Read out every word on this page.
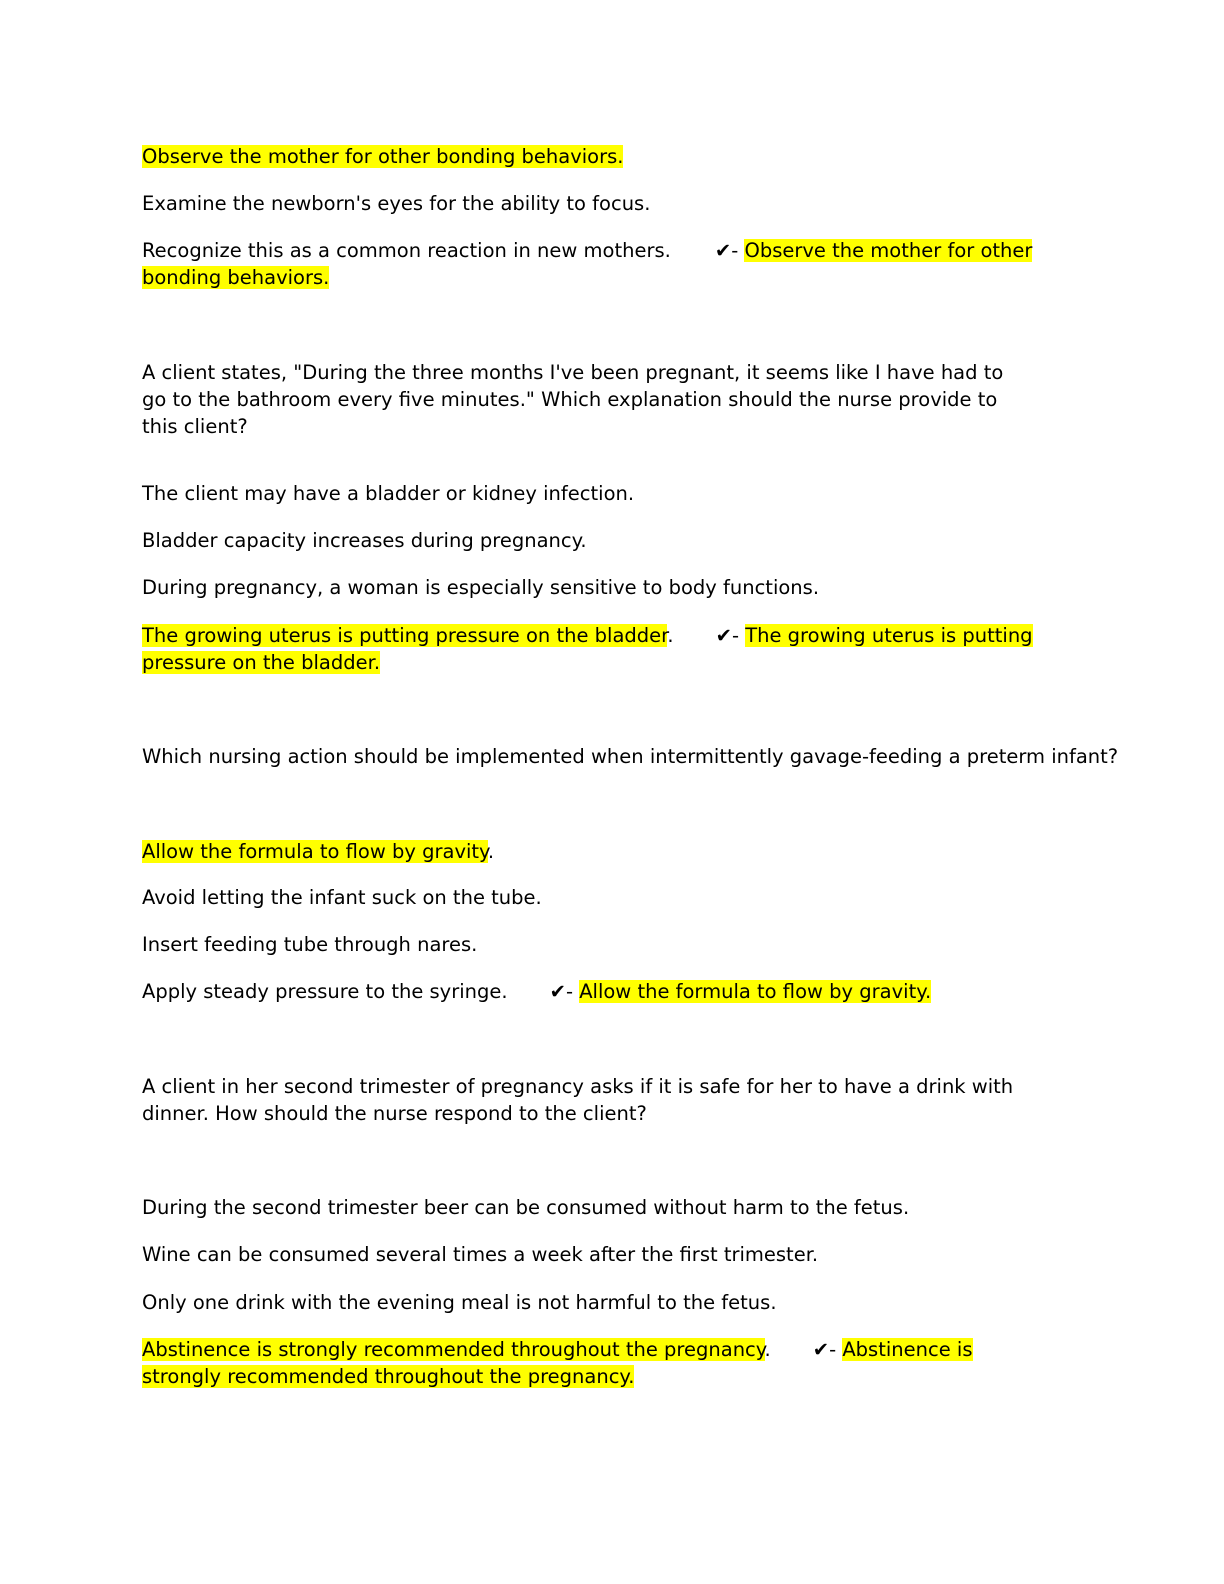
Observe the mother for other bonding behaviors.

Examine the newborn's eyes for the ability to focus.

Recognize this as a common reaction in new mothers. ✔- Observe the mother for other bonding behaviors.

A client states, "During the three months I've been pregnant, it seems like I have had to go to the bathroom every five minutes." Which explanation should the nurse provide to this client?

The client may have a bladder or kidney infection.

Bladder capacity increases during pregnancy.

During pregnancy, a woman is especially sensitive to body functions.

The growing uterus is putting pressure on the bladder. ✔- The growing uterus is putting pressure on the bladder.

Which nursing action should be implemented when intermittently gavage-feeding a preterm infant?

Allow the formula to flow by gravity.

Avoid letting the infant suck on the tube.

Insert feeding tube through nares.

Apply steady pressure to the syringe. ✔- Allow the formula to flow by gravity.

A client in her second trimester of pregnancy asks if it is safe for her to have a drink with dinner. How should the nurse respond to the client?

During the second trimester beer can be consumed without harm to the fetus.

Wine can be consumed several times a week after the first trimester.

Only one drink with the evening meal is not harmful to the fetus.

Abstinence is strongly recommended throughout the pregnancy. ✔- Abstinence is strongly recommended throughout the pregnancy.
